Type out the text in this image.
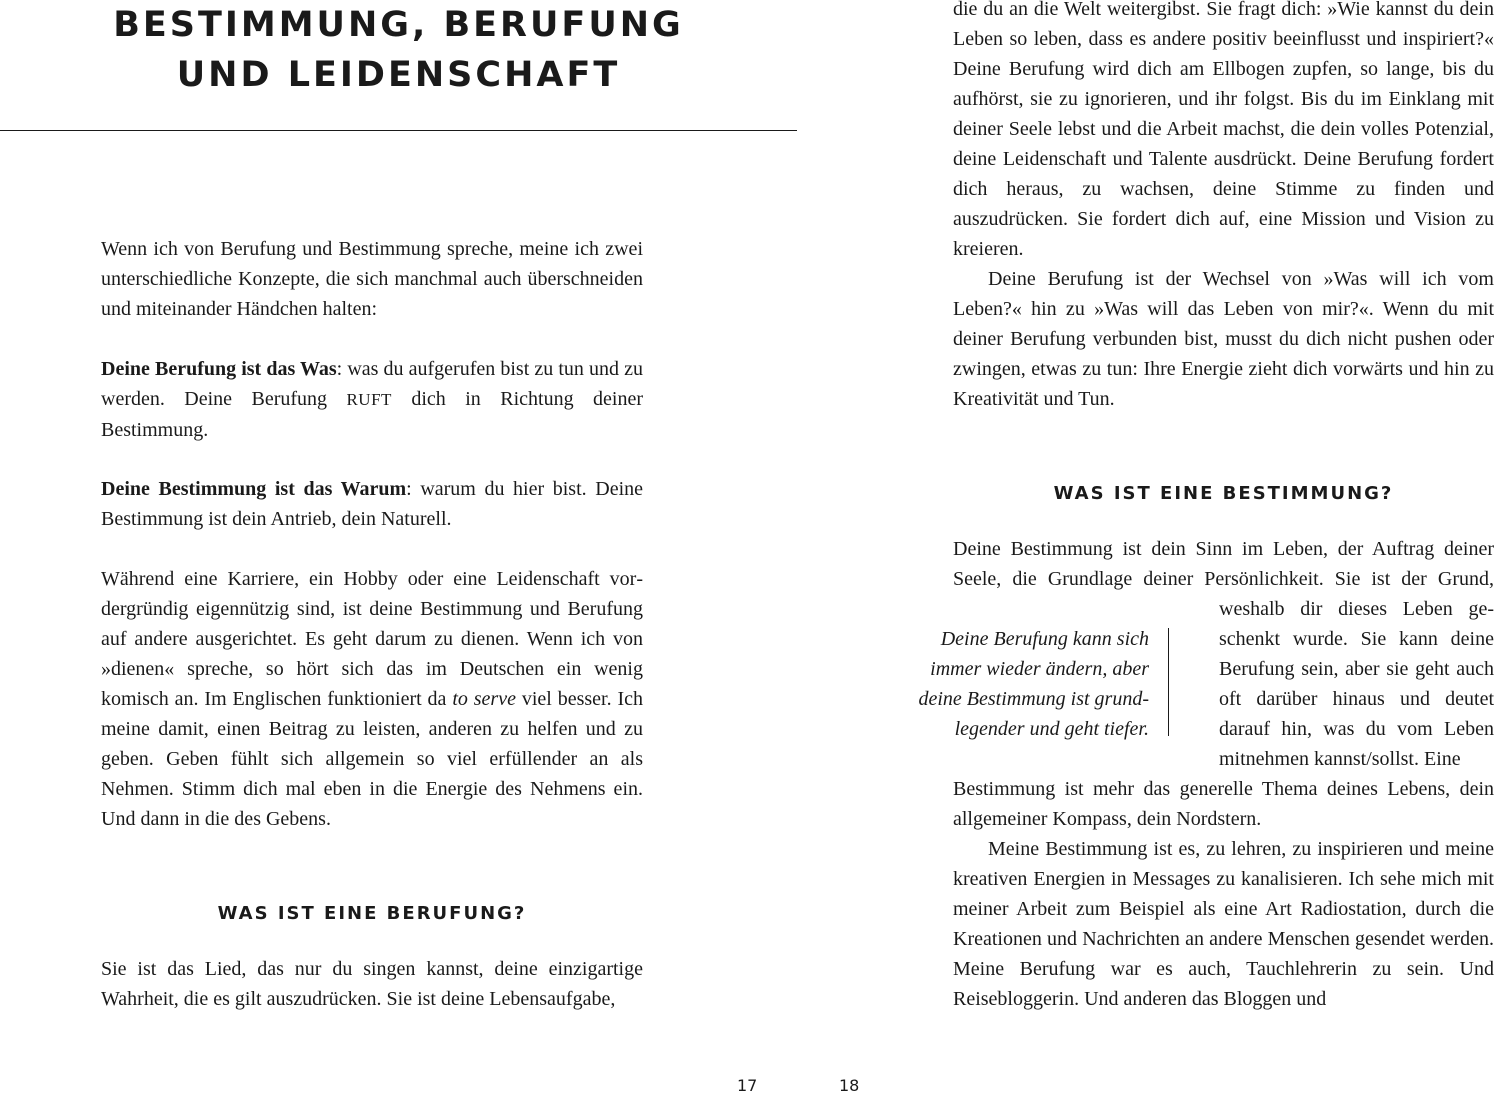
BESTIMMUNG, BERUFUNG
UND LEIDENSCHAFT

Wenn ich von Berufung und Bestimmung spreche, meine ich zwei unterschiedliche Konzepte, die sich manchmal auch überschneiden und miteinander Händchen halten:

Deine Berufung ist das Was: was du aufgerufen bist zu tun und zu werden. Deine Berufung RUFT dich in Richtung deiner Bestimmung.

Deine Bestimmung ist das Warum: warum du hier bist. Deine Bestimmung ist dein Antrieb, dein Naturell.

Während eine Karriere, ein Hobby oder eine Leidenschaft vordergründig eigennützig sind, ist deine Bestimmung und Berufung auf andere ausgerichtet. Es geht darum zu dienen. Wenn ich von »dienen« spreche, so hört sich das im Deutschen ein wenig komisch an. Im Englischen funktioniert da to serve viel besser. Ich meine damit, einen Beitrag zu leisten, anderen zu helfen und zu geben. Geben fühlt sich allgemein so viel erfüllender an als Nehmen. Stimm dich mal eben in die Energie des Nehmens ein. Und dann in die des Gebens.

WAS IST EINE BERUFUNG?

Sie ist das Lied, das nur du singen kannst, deine einzigartige Wahrheit, die es gilt auszudrücken. Sie ist deine Lebensaufgabe,

17

die du an die Welt weitergibst. Sie fragt dich: »Wie kannst du dein Leben so leben, dass es andere positiv beeinflusst und inspiriert?« Deine Berufung wird dich am Ellbogen zupfen, so lange, bis du aufhörst, sie zu ignorieren, und ihr folgst. Bis du im Einklang mit deiner Seele lebst und die Arbeit machst, die dein volles Potenzial, deine Leidenschaft und Talente ausdrückt. Deine Berufung fordert dich heraus, zu wachsen, deine Stimme zu finden und auszudrücken. Sie fordert dich auf, eine Mission und Vision zu kreieren.

Deine Berufung ist der Wechsel von »Was will ich vom Leben?« hin zu »Was will das Leben von mir?«. Wenn du mit deiner Berufung verbunden bist, musst du dich nicht pushen oder zwingen, etwas zu tun: Ihre Energie zieht dich vorwärts und hin zu Kreativität und Tun.

WAS IST EINE BESTIMMUNG?
Deine Bestimmung ist dein Sinn im Leben, der Auftrag deiner
Seele, die Grundlage deiner Persönlichkeit. Sie ist der Grund,

weshalb dir dieses Leben geschenkt wurde. Sie kann deine Berufung sein, aber sie geht auch oft darüber hinaus und deutet darauf hin, was du vom Leben mitnehmen kannst/sollst. Eine

Deine Berufung kann sich
immer wieder ändern, aber
deine Bestimmung ist grund-
legender und geht tiefer.

Bestimmung ist mehr das generelle Thema deines Lebens, dein allgemeiner Kompass, dein Nordstern.

Meine Bestimmung ist es, zu lehren, zu inspirieren und meine kreativen Energien in Messages zu kanalisieren. Ich sehe mich mit meiner Arbeit zum Beispiel als eine Art Radiostation, durch die Kreationen und Nachrichten an andere Menschen gesendet werden. Meine Berufung war es auch, Tauchlehrerin zu sein. Und Reisebloggerin. Und anderen das Bloggen und

18
